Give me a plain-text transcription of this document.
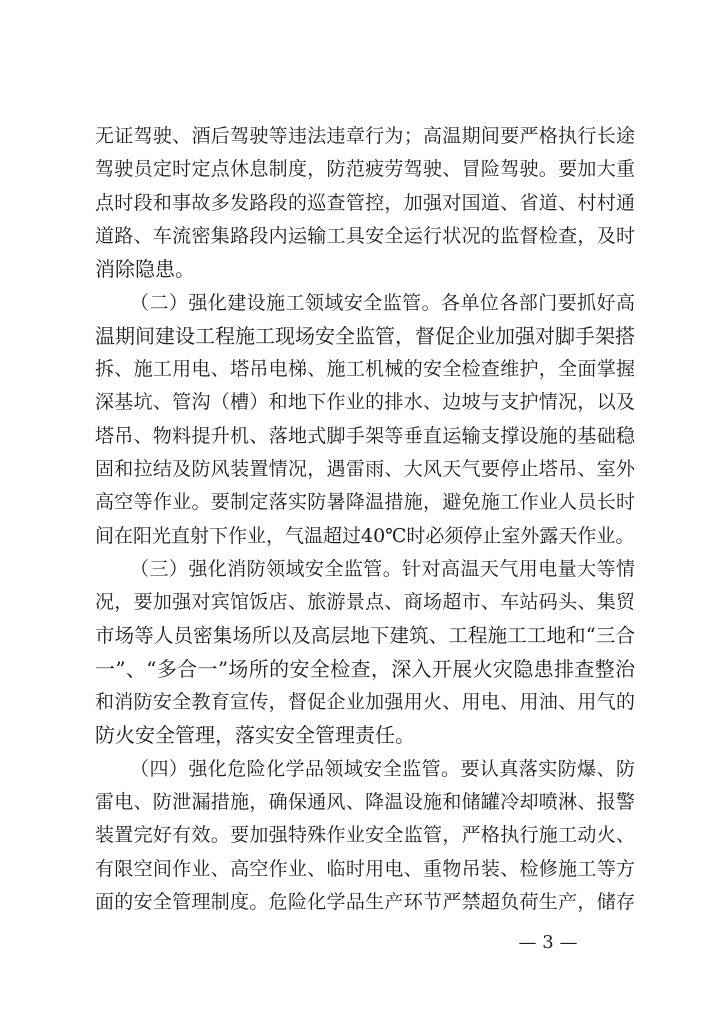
无证驾驶、酒后驾驶等违法违章行为；高温期间要严格执行长途
驾驶员定时定点休息制度，防范疲劳驾驶、冒险驾驶。要加大重
点时段和事故多发路段的巡查管控，加强对国道、省道、村村通
道路、车流密集路段内运输工具安全运行状况的监督检查，及时
消除隐患。
（二）强化建设施工领域安全监管。各单位各部门要抓好高
温期间建设工程施工现场安全监管，督促企业加强对脚手架搭
拆、施工用电、塔吊电梯、施工机械的安全检查维护，全面掌握
深基坑、管沟（槽）和地下作业的排水、边坡与支护情况，以及
塔吊、物料提升机、落地式脚手架等垂直运输支撑设施的基础稳
固和拉结及防风装置情况，遇雷雨、大风天气要停止塔吊、室外
高空等作业。要制定落实防暑降温措施，避免施工作业人员长时
间在阳光直射下作业，气温超过40℃时必须停止室外露天作业。
（三）强化消防领域安全监管。针对高温天气用电量大等情
况，要加强对宾馆饭店、旅游景点、商场超市、车站码头、集贸
市场等人员密集场所以及高层地下建筑、工程施工工地和“三合
一”、“多合一”场所的安全检查，深入开展火灾隐患排查整治
和消防安全教育宣传，督促企业加强用火、用电、用油、用气的
防火安全管理，落实安全管理责任。
（四）强化危险化学品领域安全监管。要认真落实防爆、防
雷电、防泄漏措施，确保通风、降温设施和储罐冷却喷淋、报警
装置完好有效。要加强特殊作业安全监管，严格执行施工动火、
有限空间作业、高空作业、临时用电、重物吊装、检修施工等方
面的安全管理制度。危险化学品生产环节严禁超负荷生产，储存
— 3 —
